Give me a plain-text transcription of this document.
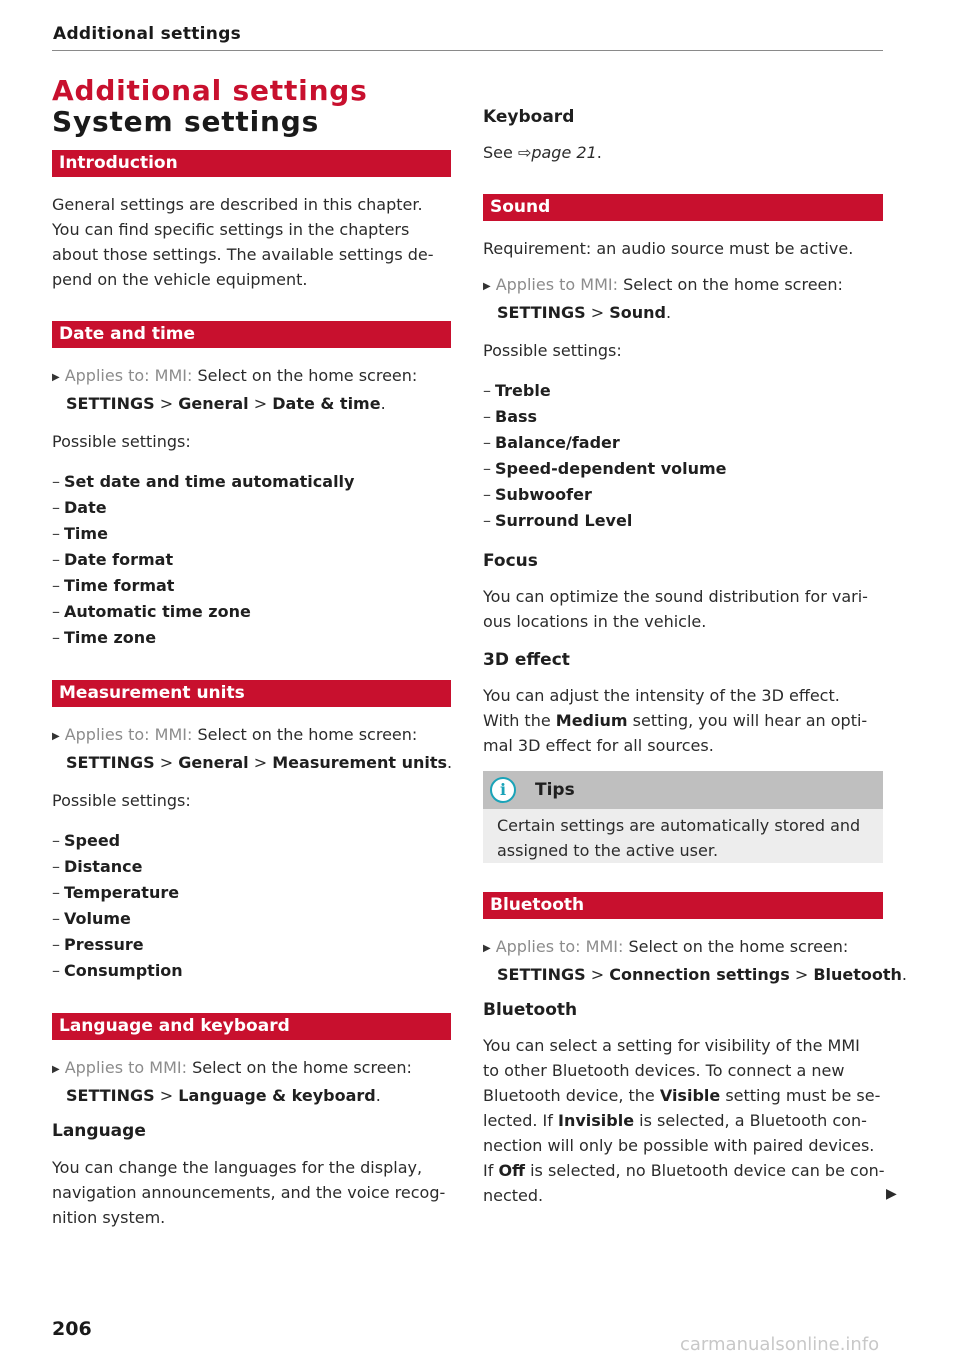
Additional settings
Additional settings
System settings
Introduction
General settings are described in this chapter.
You can find specific settings in the chapters
about those settings. The available settings de-
pend on the vehicle equipment.
Date and time
▶ Applies to: MMI: Select on the home screen:
SETTINGS > General > Date & time.
Possible settings:
– Set date and time automatically
– Date
– Time
– Date format
– Time format
– Automatic time zone
– Time zone
Measurement units
▶ Applies to: MMI: Select on the home screen:
SETTINGS > General > Measurement units.
Possible settings:
– Speed
– Distance
– Temperature
– Volume
– Pressure
– Consumption
Language and keyboard
▶ Applies to MMI: Select on the home screen:
SETTINGS > Language & keyboard.
Language
You can change the languages for the display,
navigation announcements, and the voice recog-
nition system.
Keyboard
See ⇨page 21.
Sound
Requirement: an audio source must be active.
▶ Applies to MMI: Select on the home screen:
SETTINGS > Sound.
Possible settings:
– Treble
– Bass
– Balance/fader
– Speed-dependent volume
– Subwoofer
– Surround Level
Focus
You can optimize the sound distribution for vari-
ous locations in the vehicle.
3D effect
You can adjust the intensity of the 3D effect.
With the Medium setting, you will hear an opti-
mal 3D effect for all sources.
i	Tips
Certain settings are automatically stored and
assigned to the active user.
Bluetooth
▶ Applies to: MMI: Select on the home screen:
SETTINGS > Connection settings > Bluetooth.
Bluetooth
You can select a setting for visibility of the MMI
to other Bluetooth devices. To connect a new
Bluetooth device, the Visible setting must be se-
lected. If Invisible is selected, a Bluetooth con-
nection will only be possible with paired devices.
If Off is selected, no Bluetooth device can be con-
nected.	▶
206
carmanualsonline.info
